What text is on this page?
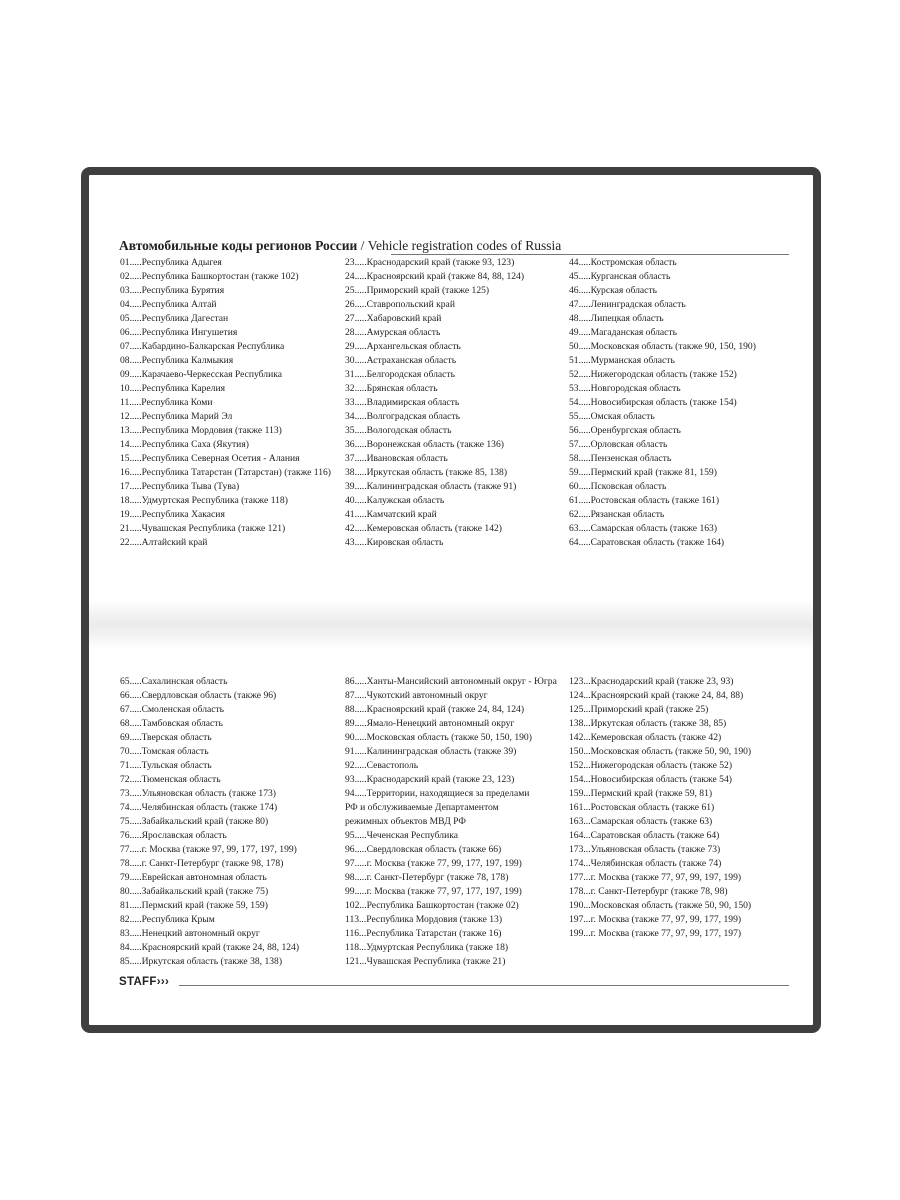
Автомобильные коды регионов России / Vehicle registration codes of Russia
01.....Республика Адыгея
02.....Республика Башкортостан (также 102)
03.....Республика Бурятия
04.....Республика Алтай
05.....Республика Дагестан
06.....Республика Ингушетия
07.....Кабардино-Балкарская Республика
08.....Республика Калмыкия
09.....Карачаево-Черкесская Республика
10.....Республика Карелия
11.....Республика Коми
12.....Республика Марий Эл
13.....Республика Мордовия (также 113)
14.....Республика Саха (Якутия)
15.....Республика Северная Осетия - Алания
16.....Республика Татарстан (Татарстан) (также 116)
17.....Республика Тыва (Тува)
18.....Удмуртская Республика (также 118)
19.....Республика Хакасия
21.....Чувашская Республика (также 121)
22.....Алтайский край
23.....Краснодарский край (также 93, 123)
24.....Красноярский край (также 84, 88, 124)
25.....Приморский край (также 125)
26.....Ставропольский край
27.....Хабаровский край
28.....Амурская область
29.....Архангельская область
30.....Астраханская область
31.....Белгородская область
32.....Брянская область
33.....Владимирская область
34.....Волгоградская область
35.....Вологодская область
36.....Воронежская область (также 136)
37.....Ивановская область
38.....Иркутская область (также 85, 138)
39.....Калининградская область (также 91)
40.....Калужская область
41.....Камчатский край
42.....Кемеровская область (также 142)
43.....Кировская область
44.....Костромская область
45.....Курганская область
46.....Курская область
47.....Ленинградская область
48.....Липецкая область
49.....Магаданская область
50.....Московская область (также 90, 150, 190)
51.....Мурманская область
52.....Нижегородская область (также 152)
53.....Новгородская область
54.....Новосибирская область (также 154)
55.....Омская область
56.....Оренбургская область
57.....Орловская область
58.....Пензенская область
59.....Пермский край (также 81, 159)
60.....Псковская область
61.....Ростовская область (также 161)
62.....Рязанская область
63.....Самарская область (также 163)
64.....Саратовская область (также 164)
65.....Сахалинская область
66.....Свердловская область (также 96)
67.....Смоленская область
68.....Тамбовская область
69.....Тверская область
70.....Томская область
71.....Тульская область
72.....Тюменская область
73.....Ульяновская область (также 173)
74.....Челябинская область (также 174)
75.....Забайкальский край (также 80)
76.....Ярославская область
77.....г. Москва (также 97, 99, 177, 197, 199)
78.....г. Санкт-Петербург (также 98, 178)
79.....Еврейская автономная область
80.....Забайкальский край (также 75)
81.....Пермский край (также 59, 159)
82.....Республика Крым
83.....Ненецкий автономный округ
84.....Красноярский край (также 24, 88, 124)
85.....Иркутская область (также 38, 138)
86.....Ханты-Мансийский автономный округ - Югра
87.....Чукотский автономный округ
88.....Красноярский край (также 24, 84, 124)
89.....Ямало-Ненецкий автономный округ
90.....Московская область (также 50, 150, 190)
91.....Калининградская область (также 39)
92.....Севастополь
93.....Краснодарский край (также 23, 123)
94.....Территории, находящиеся за пределами
РФ и обслуживаемые Департаментом
режимных объектов МВД РФ
95.....Чеченская Республика
96.....Свердловская область (также 66)
97.....г. Москва (также 77, 99, 177, 197, 199)
98.....г. Санкт-Петербург (также 78, 178)
99.....г. Москва (также 77, 97, 177, 197, 199)
102...Республика Башкортостан (также 02)
113...Республика Мордовия (также 13)
116...Республика Татарстан (также 16)
118...Удмуртская Республика (также 18)
121...Чувашская Республика (также 21)
123...Краснодарский край (также 23, 93)
124...Красноярский край (также 24, 84, 88)
125...Приморский край (также 25)
138...Иркутская область (также 38, 85)
142...Кемеровская область (также 42)
150...Московская область (также 50, 90, 190)
152...Нижегородская область (также 52)
154...Новосибирская область (также 54)
159...Пермский край (также 59, 81)
161...Ростовская область (также 61)
163...Самарская область (также 63)
164...Саратовская область (также 64)
173...Ульяновская область (также 73)
174...Челябинская область (также 74)
177...г. Москва (также 77, 97, 99, 197, 199)
178...г. Санкт-Петербург (также 78, 98)
190...Московская область (также 50, 90, 150)
197...г. Москва (также 77, 97, 99, 177, 199)
199...г. Москва (также 77, 97, 99, 177, 197)
STAFF›››
